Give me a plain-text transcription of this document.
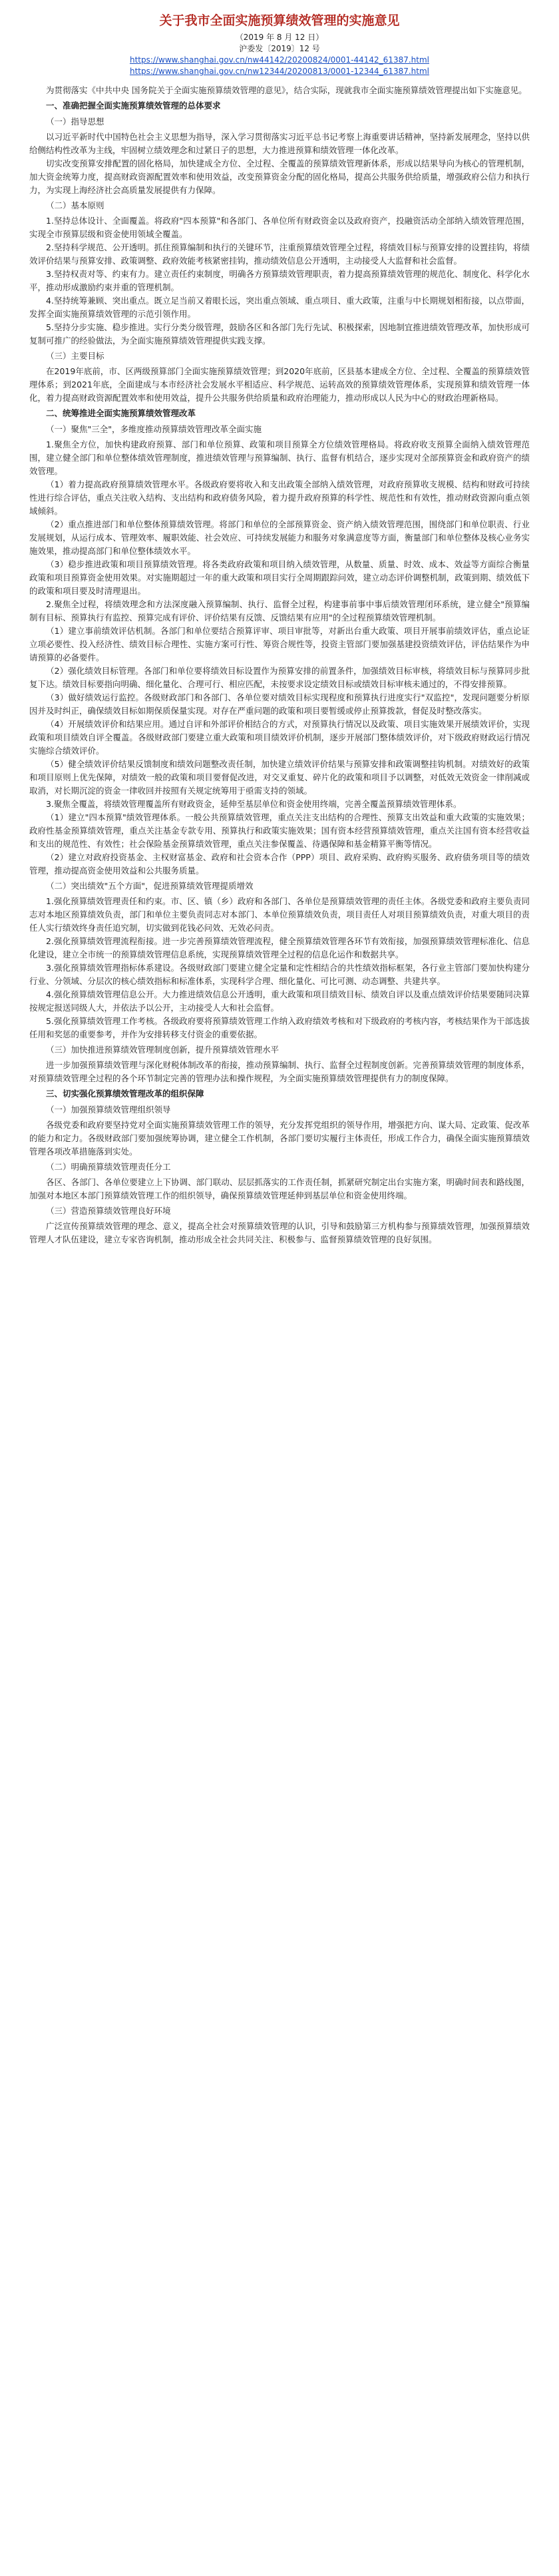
关于我市全面实施预算绩效管理的实施意见
（2019 年 8 月 12 日）
沪委发〔2019〕12 号
https://www.shanghai.gov.cn/nw44142/20200824/0001-44142_61387.html
https://www.shanghai.gov.cn/nw12344/20200813/0001-12344_61387.html
为贯彻落实《中共中央 国务院关于全面实施预算绩效管理的意见》，结合实际，现就我市全面实施预算绩效管理提出如下实施意见。
一、准确把握全面实施预算绩效管理的总体要求
（一）指导思想
以习近平新时代中国特色社会主义思想为指导，深入学习贯彻落实习近平总书记考察上海重要讲话精神，坚持新发展理念，坚持以供给侧结构性改革为主线，牢固树立绩效理念和过紧日子的思想，大力推进预算和绩效管理一体化改革。
切实改变预算安排配置的固化格局，加快建成全方位、全过程、全覆盖的预算绩效管理新体系，形成以结果导向为核心的管理机制，加大资金统筹力度，提高财政资源配置效率和使用效益，改变预算资金分配的固化格局，提高公共服务供给质量，增强政府公信力和执行力，为实现上海经济社会高质量发展提供有力保障。
（二）基本原则
1.坚持总体设计、全面覆盖。将政府"四本预算"和各部门、各单位所有财政资金以及政府资产，投融资活动全部纳入绩效管理范围，实现全市预算层级和资金使用领域全覆盖。
2.坚持科学规范、公开透明。抓住预算编制和执行的关键环节，注重预算绩效管理全过程，将绩效目标与预算安排的设置挂钩，将绩效评价结果与预算安排、政策调整、政府效能考核紧密挂钩，推动绩效信息公开透明，主动接受人大监督和社会监督。
3.坚持权责对等、约束有力。建立责任约束制度，明确各方预算绩效管理职责，着力提高预算绩效管理的规范化、制度化、科学化水平，推动形成激励约束并重的管理机制。
4.坚持统筹兼顾、突出重点。既立足当前又着眼长远，突出重点领域、重点项目、重大政策，注重与中长期规划相衔接，以点带面，发挥全面实施预算绩效管理的示范引领作用。
5.坚持分步实施、稳步推进。实行分类分级管理，鼓励各区和各部门先行先试、积极探索，因地制宜推进绩效管理改革，加快形成可复制可推广的经验做法，为全面实施预算绩效管理提供实践支撑。
（三）主要目标
在2019年底前，市、区两级预算部门全面实施预算绩效管理；到2020年底前，区县基本建成全方位、全过程、全覆盖的预算绩效管理体系；到2021年底，全面建成与本市经济社会发展水平相适应、科学规范、运转高效的预算绩效管理体系，实现预算和绩效管理一体化，着力提高财政资源配置效率和使用效益，提升公共服务供给质量和政府治理能力，推动形成以人民为中心的财政治理新格局。
二、统筹推进全面实施预算绩效管理改革
（一）聚焦"三全"，多维度推动预算绩效管理改革全面实施
1.聚焦全方位，加快构建政府预算、部门和单位预算、政策和项目预算全方位绩效管理格局。将政府收支预算全面纳入绩效管理范围，建立健全部门和单位整体绩效管理制度，推进绩效管理与预算编制、执行、监督有机结合，逐步实现对全部预算资金和政府资产的绩效管理。
（1）着力提高政府预算绩效管理水平。各级政府要将收入和支出政策全部纳入绩效管理，对政府预算收支规模、结构和财政可持续性进行综合评估，重点关注收入结构、支出结构和政府债务风险，着力提升政府预算的科学性、规范性和有效性，推动财政资源向重点领域倾斜。
（2）重点推进部门和单位整体预算绩效管理。将部门和单位的全部预算资金、资产纳入绩效管理范围，围绕部门和单位职责、行业发展规划，从运行成本、管理效率、履职效能、社会效应、可持续发展能力和服务对象满意度等方面，衡量部门和单位整体及核心业务实施效果，推动提高部门和单位整体绩效水平。
（3）稳步推进政策和项目预算绩效管理。将各类政府政策和项目纳入绩效管理，从数量、质量、时效、成本、效益等方面综合衡量政策和项目预算资金使用效果。对实施期超过一年的重大政策和项目实行全周期跟踪问效，建立动态评价调整机制，政策到期、绩效低下的政策和项目要及时清理退出。
2.聚焦全过程，将绩效理念和方法深度融入预算编制、执行、监督全过程，构建事前事中事后绩效管理闭环系统，建立健全"预算编制有目标、预算执行有监控、预算完成有评价、评价结果有反馈、反馈结果有应用"的全过程预算绩效管理机制。
（1）建立事前绩效评估机制。各部门和单位要结合预算评审、项目审批等，对新出台重大政策、项目开展事前绩效评估，重点论证立项必要性、投入经济性、绩效目标合理性、实施方案可行性、筹资合规性等，投资主管部门要加强基建投资绩效评估，评估结果作为申请预算的必备要件。
（2）强化绩效目标管理。各部门和单位要将绩效目标设置作为预算安排的前置条件，加强绩效目标审核，将绩效目标与预算同步批复下达。绩效目标要指向明确、细化量化、合理可行、相应匹配，未按要求设定绩效目标或绩效目标审核未通过的，不得安排预算。
（3）做好绩效运行监控。各级财政部门和各部门、各单位要对绩效目标实现程度和预算执行进度实行"双监控"，发现问题要分析原因并及时纠正，确保绩效目标如期保质保量实现。对存在严重问题的政策和项目要暂缓或停止预算拨款，督促及时整改落实。
（4）开展绩效评价和结果应用。通过自评和外部评价相结合的方式，对预算执行情况以及政策、项目实施效果开展绩效评价，实现政策和项目绩效自评全覆盖。各级财政部门要建立重大政策和项目绩效评价机制，逐步开展部门整体绩效评价，对下级政府财政运行情况实施综合绩效评价。
（5）健全绩效评价结果反馈制度和绩效问题整改责任制，加快建立绩效评价结果与预算安排和政策调整挂钩机制。对绩效好的政策和项目原则上优先保障，对绩效一般的政策和项目要督促改进，对交叉重复、碎片化的政策和项目予以调整，对低效无效资金一律削减或取消，对长期沉淀的资金一律收回并按照有关规定统筹用于亟需支持的领域。
3.聚焦全覆盖，将绩效管理覆盖所有财政资金，延伸至基层单位和资金使用终端，完善全覆盖预算绩效管理体系。
（1）建立"四本预算"绩效管理体系。一般公共预算绩效管理，重点关注支出结构的合理性、预算支出效益和重大政策的实施效果；政府性基金预算绩效管理，重点关注基金专款专用、预算执行和政策实施效果；国有资本经营预算绩效管理，重点关注国有资本经营收益和支出的规范性、有效性；社会保险基金预算绩效管理，重点关注参保覆盖、待遇保障和基金精算平衡等情况。
（2）建立对政府投资基金、主权财富基金、政府和社会资本合作（PPP）项目、政府采购、政府购买服务、政府债务项目等的绩效管理，推动提高资金使用效益和公共服务质量。
（二）突出绩效"五个方面"，促进预算绩效管理提质增效
1.强化预算绩效管理责任和约束。市、区、镇（乡）政府和各部门、各单位是预算绩效管理的责任主体。各级党委和政府主要负责同志对本地区预算绩效负责，部门和单位主要负责同志对本部门、本单位预算绩效负责，项目责任人对项目预算绩效负责，对重大项目的责任人实行绩效终身责任追究制，切实做到花钱必问效、无效必问责。
2.强化预算绩效管理流程衔接。进一步完善预算绩效管理流程，健全预算绩效管理各环节有效衔接，加强预算绩效管理标准化、信息化建设，建立全市统一的预算绩效管理信息系统，实现预算绩效管理全过程的信息化运作和数据共享。
3.强化预算绩效管理指标体系建设。各级财政部门要建立健全定量和定性相结合的共性绩效指标框架，各行业主管部门要加快构建分行业、分领域、分层次的核心绩效指标和标准体系，实现科学合理、细化量化、可比可测、动态调整、共建共享。
4.强化预算绩效管理信息公开。大力推进绩效信息公开透明，重大政策和项目绩效目标、绩效自评以及重点绩效评价结果要随同决算按规定报送同级人大，并依法予以公开，主动接受人大和社会监督。
5.强化预算绩效管理工作考核。各级政府要将预算绩效管理工作纳入政府绩效考核和对下级政府的考核内容，考核结果作为干部选拔任用和奖惩的重要参考，并作为安排转移支付资金的重要依据。
（三）加快推进预算绩效管理制度创新，提升预算绩效管理水平
进一步加强预算绩效管理与深化财税体制改革的衔接，推动预算编制、执行、监督全过程制度创新。完善预算绩效管理的制度体系，对预算绩效管理全过程的各个环节制定完善的管理办法和操作规程，为全面实施预算绩效管理提供有力的制度保障。
三、切实强化预算绩效管理改革的组织保障
（一）加强预算绩效管理组织领导
各级党委和政府要坚持党对全面实施预算绩效管理工作的领导，充分发挥党组织的领导作用，增强把方向、谋大局、定政策、促改革的能力和定力。各级财政部门要加强统筹协调，建立健全工作机制，各部门要切实履行主体责任，形成工作合力，确保全面实施预算绩效管理各项改革措施落到实处。
（二）明确预算绩效管理责任分工
各区、各部门、各单位要建立上下协调、部门联动、层层抓落实的工作责任制，抓紧研究制定出台实施方案，明确时间表和路线图，加强对本地区本部门预算绩效管理工作的组织领导，确保预算绩效管理延伸到基层单位和资金使用终端。
（三）营造预算绩效管理良好环境
广泛宣传预算绩效管理的理念、意义，提高全社会对预算绩效管理的认识，引导和鼓励第三方机构参与预算绩效管理，加强预算绩效管理人才队伍建设，建立专家咨询机制，推动形成全社会共同关注、积极参与、监督预算绩效管理的良好氛围。
